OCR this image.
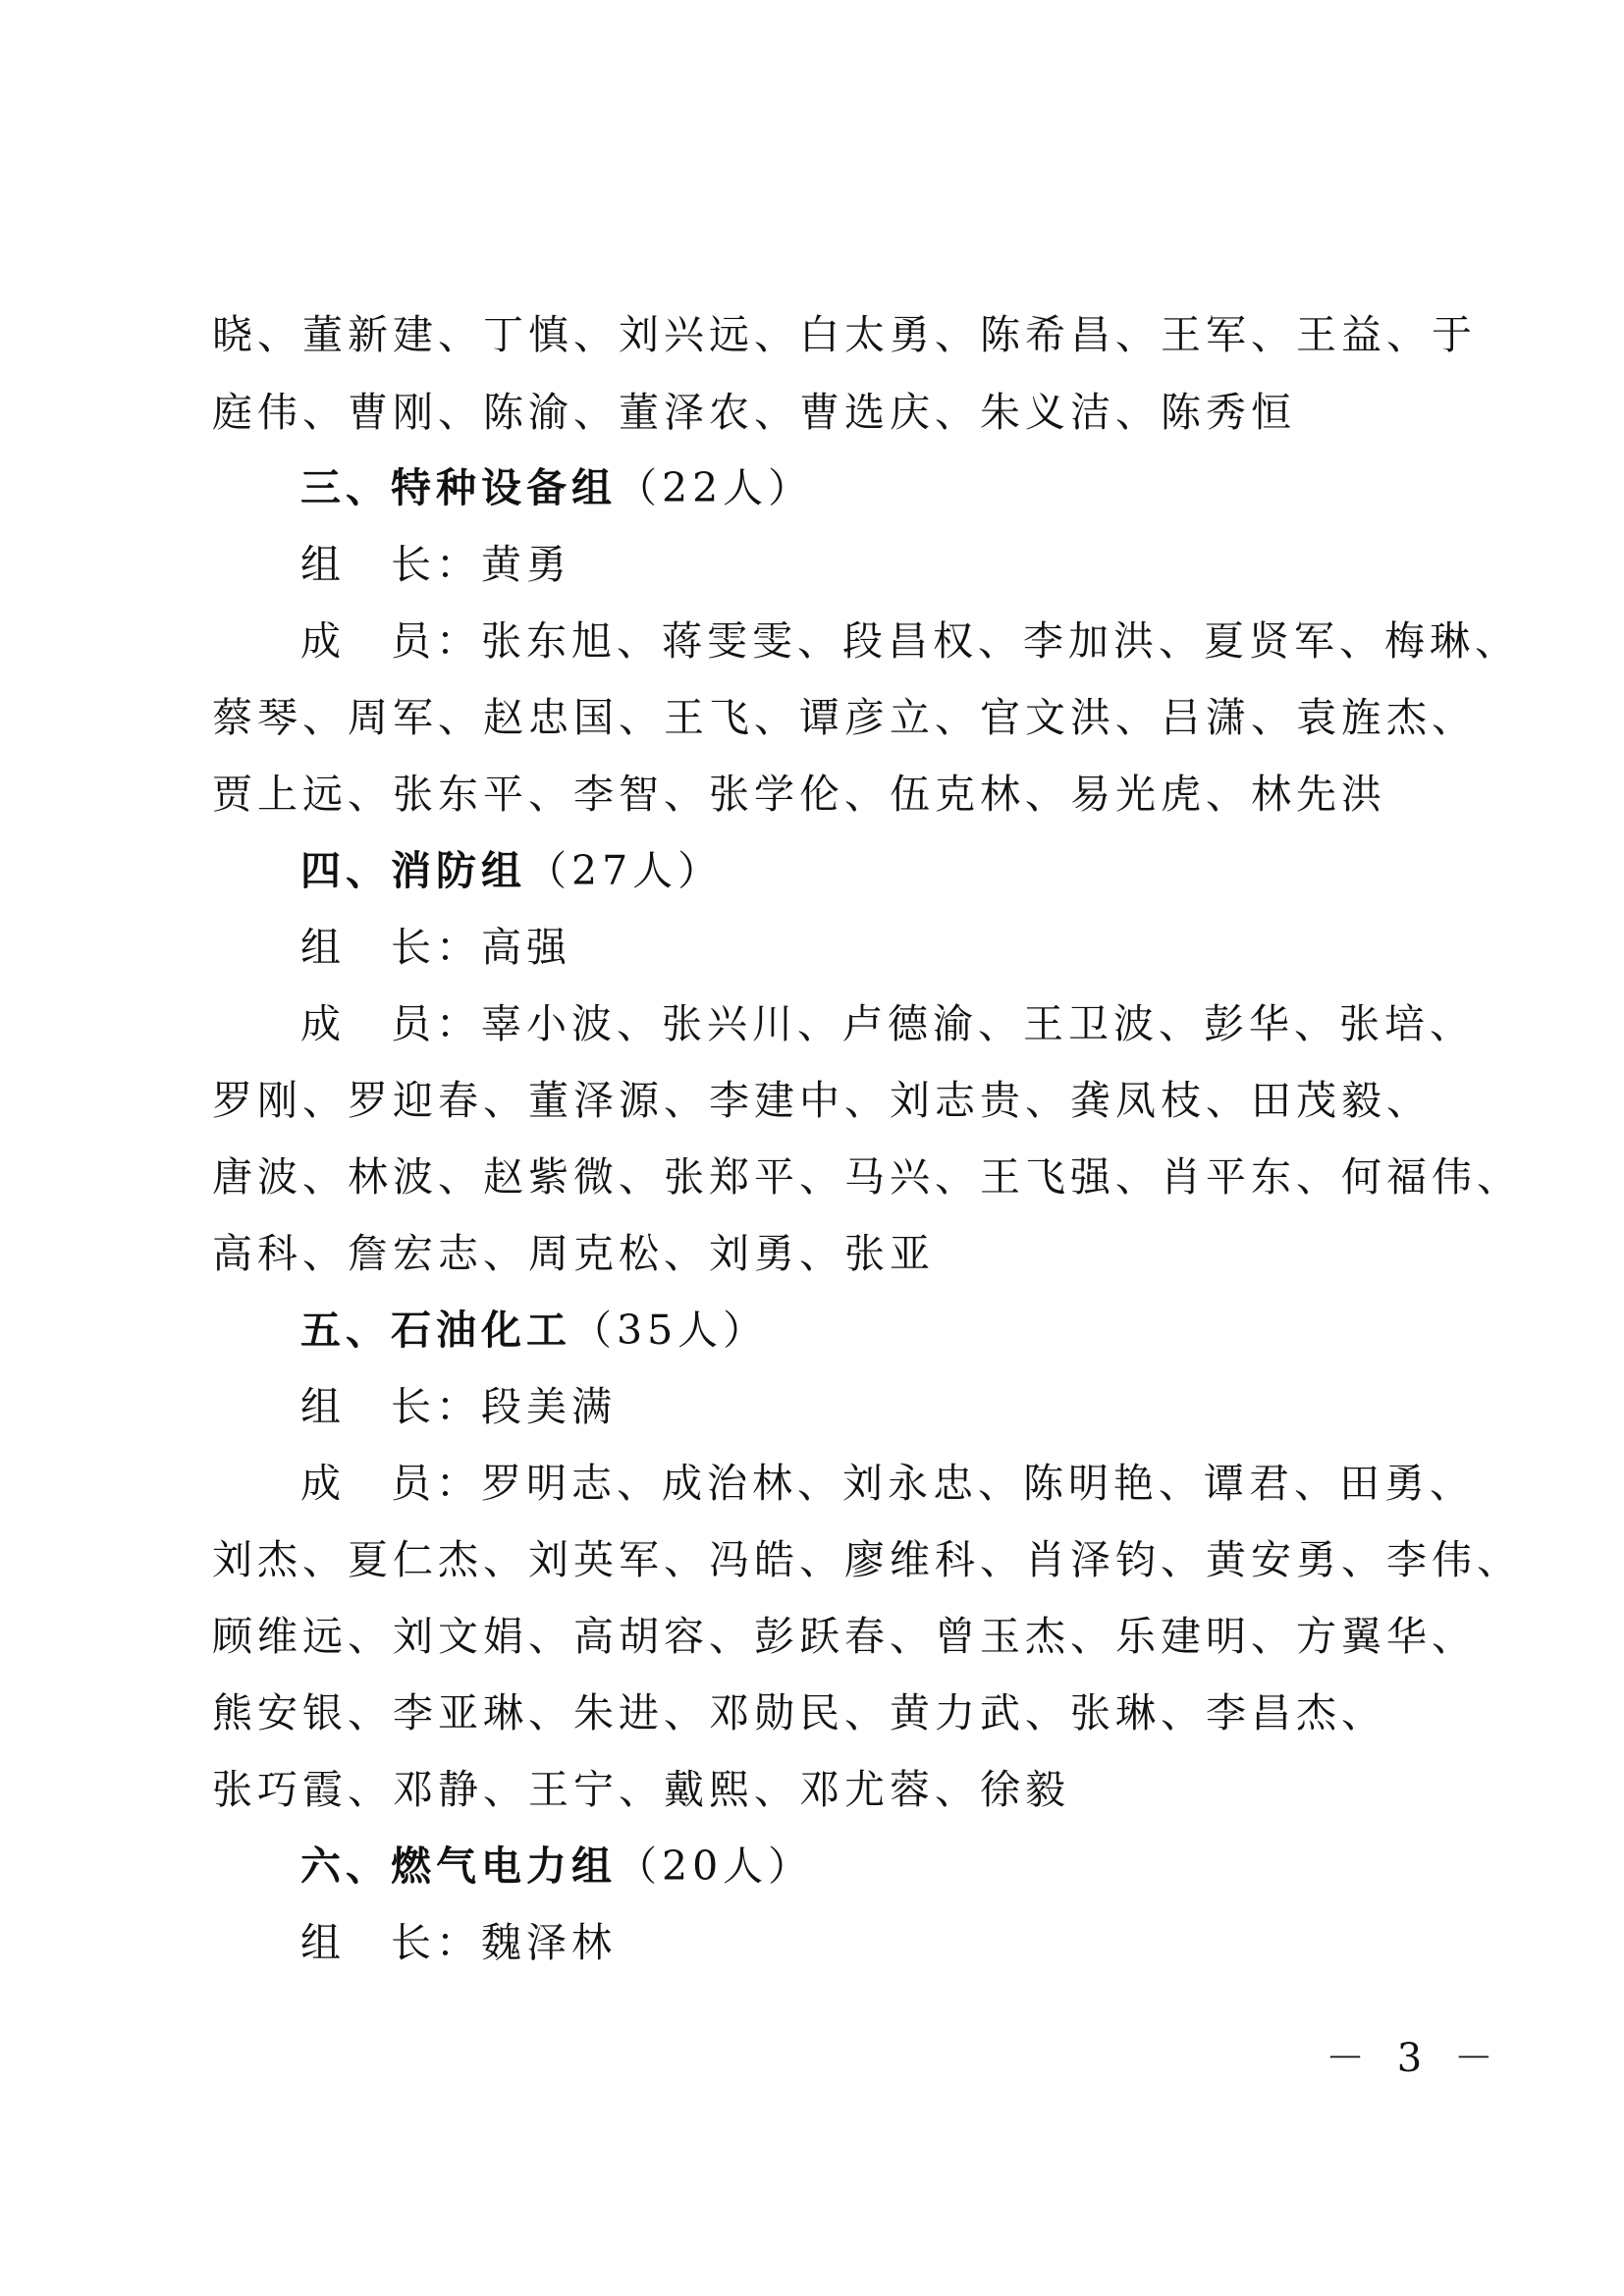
晓、董新建、丁慎、刘兴远、白太勇、陈希昌、王军、王益、于
庭伟、曹刚、陈渝、董泽农、曹选庆、朱义洁、陈秀恒
三、特种设备组（22人）
组　长：黄勇
成　员：张东旭、蒋雯雯、段昌权、李加洪、夏贤军、梅琳、
蔡琴、周军、赵忠国、王飞、谭彦立、官文洪、吕潇、袁旌杰、
贾上远、张东平、李智、张学伦、伍克林、易光虎、林先洪
四、消防组（27人）
组　长：高强
成　员：辜小波、张兴川、卢德渝、王卫波、彭华、张培、
罗刚、罗迎春、董泽源、李建中、刘志贵、龚凤枝、田茂毅、
唐波、林波、赵紫微、张郑平、马兴、王飞强、肖平东、何福伟、
高科、詹宏志、周克松、刘勇、张亚
五、石油化工（35人）
组　长：段美满
成　员：罗明志、成治林、刘永忠、陈明艳、谭君、田勇、
刘杰、夏仁杰、刘英军、冯皓、廖维科、肖泽钧、黄安勇、李伟、
顾维远、刘文娟、高胡容、彭跃春、曾玉杰、乐建明、方翼华、
熊安银、李亚琳、朱进、邓勋民、黄力武、张琳、李昌杰、
张巧霞、邓静、王宁、戴熙、邓尤蓉、徐毅
六、燃气电力组（20人）
组　长：魏泽林
－ 3 －
